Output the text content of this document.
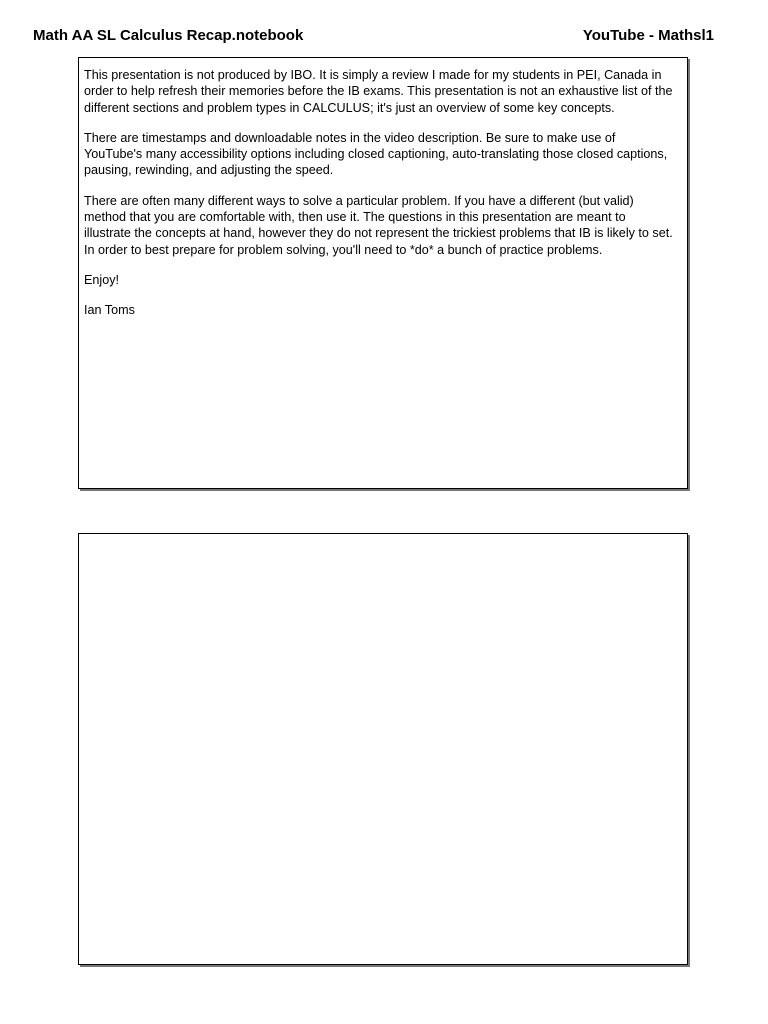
Math AA SL Calculus Recap.notebook	YouTube - Mathsl1

This presentation is not produced by IBO. It is simply a review I made for my students in PEI, Canada in order to help refresh their memories before the IB exams. This presentation is not an exhaustive list of the different sections and problem types in CALCULUS; it's just an overview of some key concepts.

There are timestamps and downloadable notes in the video description. Be sure to make use of YouTube's many accessibility options including closed captioning, auto-translating those closed captions, pausing, rewinding, and adjusting the speed.

There are often many different ways to solve a particular problem. If you have a different (but valid) method that you are comfortable with, then use it. The questions in this presentation are meant to illustrate the concepts at hand, however they do not represent the trickiest problems that IB is likely to set. In order to best prepare for problem solving, you'll need to *do* a bunch of practice problems.

Enjoy!

Ian Toms
